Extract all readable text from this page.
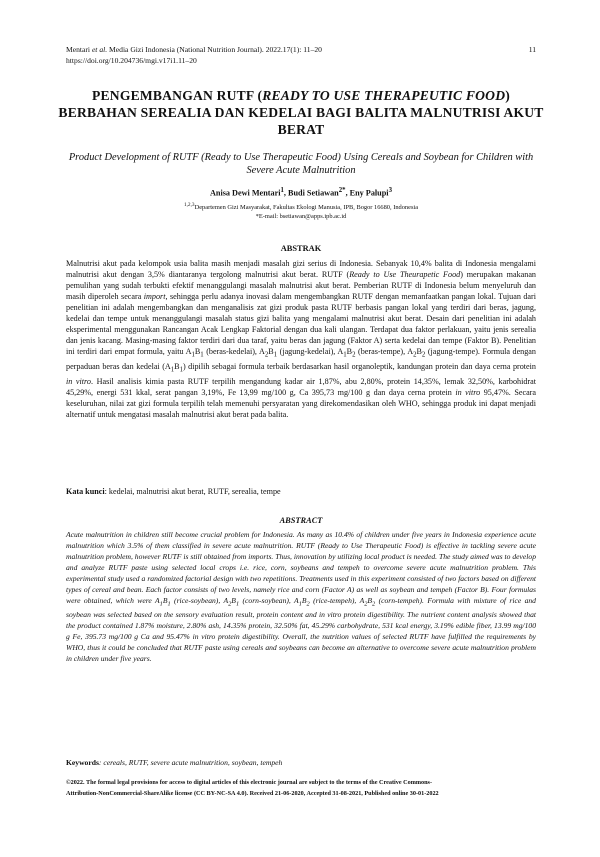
Mentari et al. Media Gizi Indonesia (National Nutrition Journal). 2022.17(1): 11–20
https://doi.org/10.204736/mgi.v17i1.11–20
11
PENGEMBANGAN RUTF (READY TO USE THERAPEUTIC FOOD) BERBAHAN SEREALIA DAN KEDELAI BAGI BALITA MALNUTRISI AKUT BERAT
Product Development of RUTF (Ready to Use Therapeutic Food) Using Cereals and Soybean for Children with Severe Acute Malnutrition
Anisa Dewi Mentari$^1$, Budi Setiawan$^{2*}$, Eny Palupi$^3$
$^{1,2,3}$Departemen Gizi Masyarakat, Fakultas Ekologi Manusia, IPB, Bogor 16680, Indonesia
*E-mail: bsetiawan@apps.ipb.ac.id
ABSTRAK
Malnutrisi akut pada kelompok usia balita masih menjadi masalah gizi serius di Indonesia. Sebanyak 10,4% balita di Indonesia mengalami malnutrisi akut dengan 3,5% diantaranya tergolong malnutrisi akut berat. RUTF (Ready to Use Theurapetic Food) merupakan makanan pemulihan yang sudah terbukti efektif menanggulangi masalah malnutrisi akut berat. Pemberian RUTF di Indonesia belum menyeluruh dan masih diperoleh secara import, sehingga perlu adanya inovasi dalam mengembangkan RUTF dengan memanfaatkan pangan lokal. Tujuan dari penelitian ini adalah mengembangkan dan menganalisis zat gizi produk pasta RUTF berbasis pangan lokal yang terdiri dari beras, jagung, kedelai dan tempe untuk menanggulangi masalah status gizi balita yang mengalami malnutrisi akut berat. Desain dari penelitian ini adalah eksperimental menggunakan Rancangan Acak Lengkap Faktorial dengan dua kali ulangan. Terdapat dua faktor perlakuan, yaitu jenis serealia dan jenis kacang. Masing-masing faktor terdiri dari dua taraf, yaitu beras dan jagung (Faktor A) serta kedelai dan tempe (Faktor B). Penelitian ini terdiri dari empat formula, yaitu $A_1B_1$ (beras-kedelai), $A_2B_1$ (jagung-kedelai), $A_1B_2$ (beras-tempe), $A_2B_2$ (jagung-tempe). Formula dengan perpaduan beras dan kedelai $(A_1B_1)$ dipilih sebagai formula terbaik berdasarkan hasil organoleptik, kandungan protein dan daya cerna protein in vitro. Hasil analisis kimia pasta RUTF terpilih mengandung kadar air 1,87%, abu 2,80%, protein 14,35%, lemak 32,50%, karbohidrat 45,29%, energi 531 kkal, serat pangan 3,19%, Fe 13,99 mg/100 g, Ca 395,73 mg/100 g dan daya cerna protein in vitro 95,47%. Secara keseluruhan, nilai zat gizi formula terpilih telah memenuhi persyaratan yang direkomendasikan oleh WHO, sehingga produk ini dapat menjadi alternatif untuk mengatasi masalah malnutrisi akut berat pada balita.
Kata kunci: kedelai, malnutrisi akut berat, RUTF, serealia, tempe
ABSTRACT
Acute malnutrition in children still become crucial problem for Indonesia. As many as 10.4% of children under five years in Indonesia experience acute malnutrition which 3.5% of them classified in severe acute malnutrition. RUTF (Ready to Use Therapeutic Food) is effective in tackling severe acute malnutrition problem, however RUTF is still obtained from imports. Thus, innovation by utilizing local product is needed. The study aimed was to develop and analyze RUTF paste using selected local crops i.e. rice, corn, soybeans and tempeh to overcome severe acute malnutrition problem. This experimental study used a randomized factorial design with two repetitions. Treatments used in this experiment consisted of two factors based on different types of cereal and bean. Each factor consists of two levels, namely rice and corn (Factor A) as well as soybean and tempeh (Factor B). Four formulas were obtained, which were $A_1B_1$ (rice-soybean), $A_2B_1$ (corn-soybean), $A_1B_2$ (rice-tempeh), $A_2B_2$ (corn-tempeh). Formula with mixture of rice and soybean was selected based on the sensory evaluation result, protein content and in vitro protein digestibility. The nutrient content analysis showed that the product contained 1.87% moisture, 2.80% ash, 14.35% protein, 32.50% fat, 45.29% carbohydrate, 531 kcal energy, 3.19% edible fiber, 13.99 mg/100 g Fe, 395.73 mg/100 g Ca and 95.47% in vitro protein digestibility. Overall, the nutrition values of selected RUTF have fulfilled the requirements by WHO, thus it could be concluded that RUTF paste using cereals and soybeans can become an alternative to overcome severe acute malnutrition problem in children under five years.
Keywords: cereals, RUTF, severe acute malnutrition, soybean, tempeh
©2022. The formal legal provisions for access to digital articles of this electronic journal are subject to the terms of the Creative Commons-
Attribution-NonCommercial-ShareAlike license (CC BY-NC-SA 4.0). Received 21-06-2020, Accepted 31-08-2021, Published online 30-01-2022
